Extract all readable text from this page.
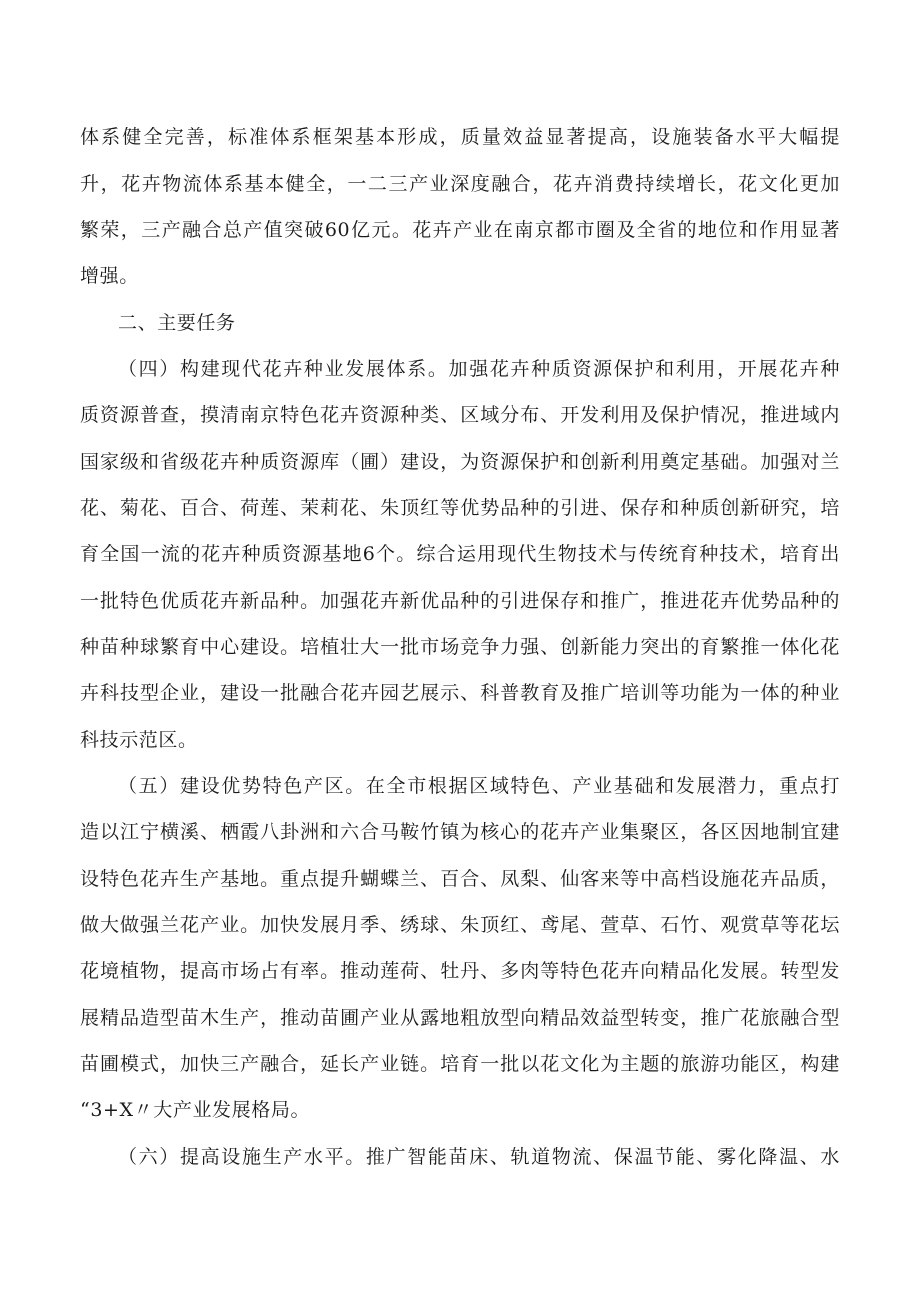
体系健全完善，标准体系框架基本形成，质量效益显著提高，设施装备水平大幅提
升，花卉物流体系基本健全，一二三产业深度融合，花卉消费持续增长，花文化更加
繁荣，三产融合总产值突破60亿元。花卉产业在南京都市圈及全省的地位和作用显著
增强。
二、主要任务
（四）构建现代花卉种业发展体系。加强花卉种质资源保护和利用，开展花卉种
质资源普查，摸清南京特色花卉资源种类、区域分布、开发利用及保护情况，推进域内
国家级和省级花卉种质资源库（圃）建设，为资源保护和创新利用奠定基础。加强对兰
花、菊花、百合、荷莲、茉莉花、朱顶红等优势品种的引进、保存和种质创新研究，培
育全国一流的花卉种质资源基地6个。综合运用现代生物技术与传统育种技术，培育出
一批特色优质花卉新品种。加强花卉新优品种的引进保存和推广，推进花卉优势品种的
种苗种球繁育中心建设。培植壮大一批市场竞争力强、创新能力突出的育繁推一体化花
卉科技型企业，建设一批融合花卉园艺展示、科普教育及推广培训等功能为一体的种业
科技示范区。
（五）建设优势特色产区。在全市根据区域特色、产业基础和发展潜力，重点打
造以江宁横溪、栖霞八卦洲和六合马鞍竹镇为核心的花卉产业集聚区，各区因地制宜建
设特色花卉生产基地。重点提升蝴蝶兰、百合、凤梨、仙客来等中高档设施花卉品质，
做大做强兰花产业。加快发展月季、绣球、朱顶红、鸢尾、萱草、石竹、观赏草等花坛
花境植物，提高市场占有率。推动莲荷、牡丹、多肉等特色花卉向精品化发展。转型发
展精品造型苗木生产，推动苗圃产业从露地粗放型向精品效益型转变，推广花旅融合型
苗圃模式，加快三产融合，延长产业链。培育一批以花文化为主题的旅游功能区，构建
“3+X〃大产业发展格局。
（六）提高设施生产水平。推广智能苗床、轨道物流、保温节能、雾化降温、水
